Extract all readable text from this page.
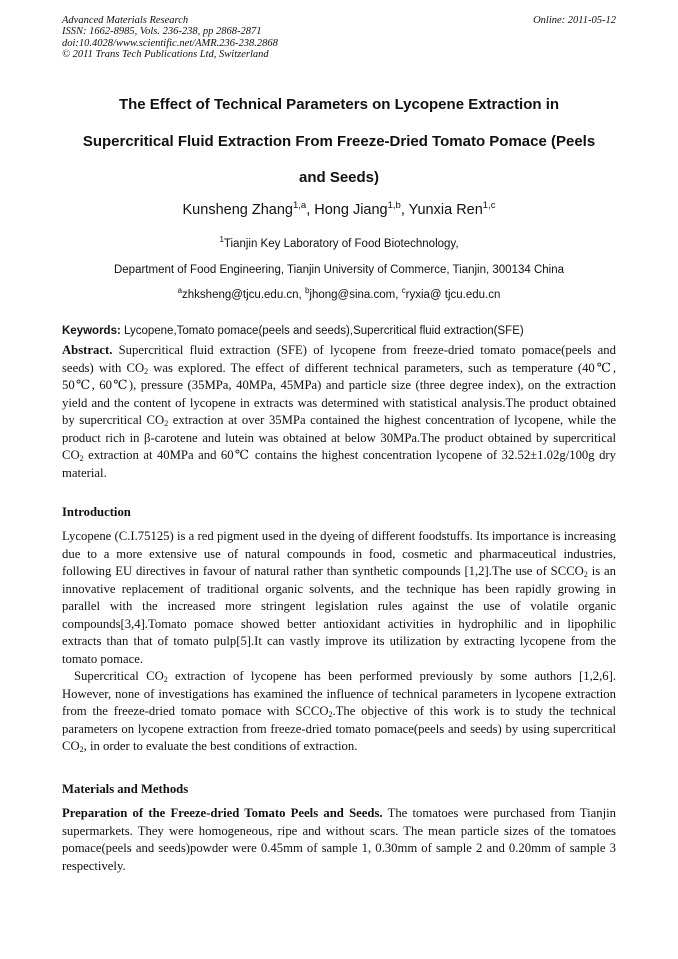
Advanced Materials Research
ISSN: 1662-8985, Vols. 236-238, pp 2868-2871
doi:10.4028/www.scientific.net/AMR.236-238.2868
© 2011 Trans Tech Publications Ltd, Switzerland
Online: 2011-05-12
The Effect of Technical Parameters on Lycopene Extraction in
Supercritical Fluid Extraction From Freeze-Dried Tomato Pomace (Peels
and Seeds)
Kunsheng Zhang$^{1,a}$, Hong Jiang$^{1,b}$, Yunxia Ren$^{1,c}$
$^1$Tianjin Key Laboratory of Food Biotechnology,
Department of Food Engineering, Tianjin University of Commerce, Tianjin, 300134 China
$^a$zhksheng@tjcu.edu.cn, $^b$jhong@sina.com, $^c$ryxia@ tjcu.edu.cn
Keywords: Lycopene,Tomato pomace(peels and seeds),Supercritical fluid extraction(SFE)

Abstract. Supercritical fluid extraction (SFE) of lycopene from freeze-dried tomato pomace(peels and seeds) with $CO_2$ was explored. The effect of different technical parameters, such as temperature (40℃, 50℃, 60℃), pressure (35MPa, 40MPa, 45MPa) and particle size (three degree index), on the extraction yield and the content of lycopene in extracts was determined with statistical analysis.The product obtained by supercritical $CO_2$ extraction at over 35MPa contained the highest concentration of lycopene, while the product rich in β-carotene and lutein was obtained at below 30MPa.The product obtained by supercritical $CO_2$ extraction at 40MPa and 60℃ contains the highest concentration lycopene of 32.52±1.02g/100g dry material.

Introduction

Lycopene (C.I.75125) is a red pigment used in the dyeing of different foodstuffs. Its importance is increasing due to a more extensive use of natural compounds in food, cosmetic and pharmaceutical industries, following EU directives in favour of natural rather than synthetic compounds [1,2].The use of $SCCO_2$ is an innovative replacement of traditional organic solvents, and the technique has been rapidly growing in parallel with the increased more stringent legislation rules against the use of volatile organic compounds[3,4].Tomato pomace showed better antioxidant activities in hydrophilic and in lipophilic extracts than that of tomato pulp[5].It can vastly improve its utilization by extracting lycopene from the tomato pomace.

Supercritical $CO_2$ extraction of lycopene has been performed previously by some authors [1,2,6]. However, none of investigations has examined the influence of technical parameters in lycopene extraction from the freeze-dried tomato pomace with $SCCO_2.The$ objective of this work is to study the technical parameters on lycopene extraction from freeze-dried tomato pomace(peels and seeds) by using supercritical $CO_2$, in order to evaluate the best conditions of extraction.

Materials and Methods

Preparation of the Freeze-dried Tomato Peels and Seeds. The tomatoes were purchased from Tianjin supermarkets. They were homogeneous, ripe and without scars. The mean particle sizes of the tomatoes pomace(peels and seeds)powder were 0.45mm of sample 1, 0.30mm of sample 2 and 0.20mm of sample 3 respectively.
